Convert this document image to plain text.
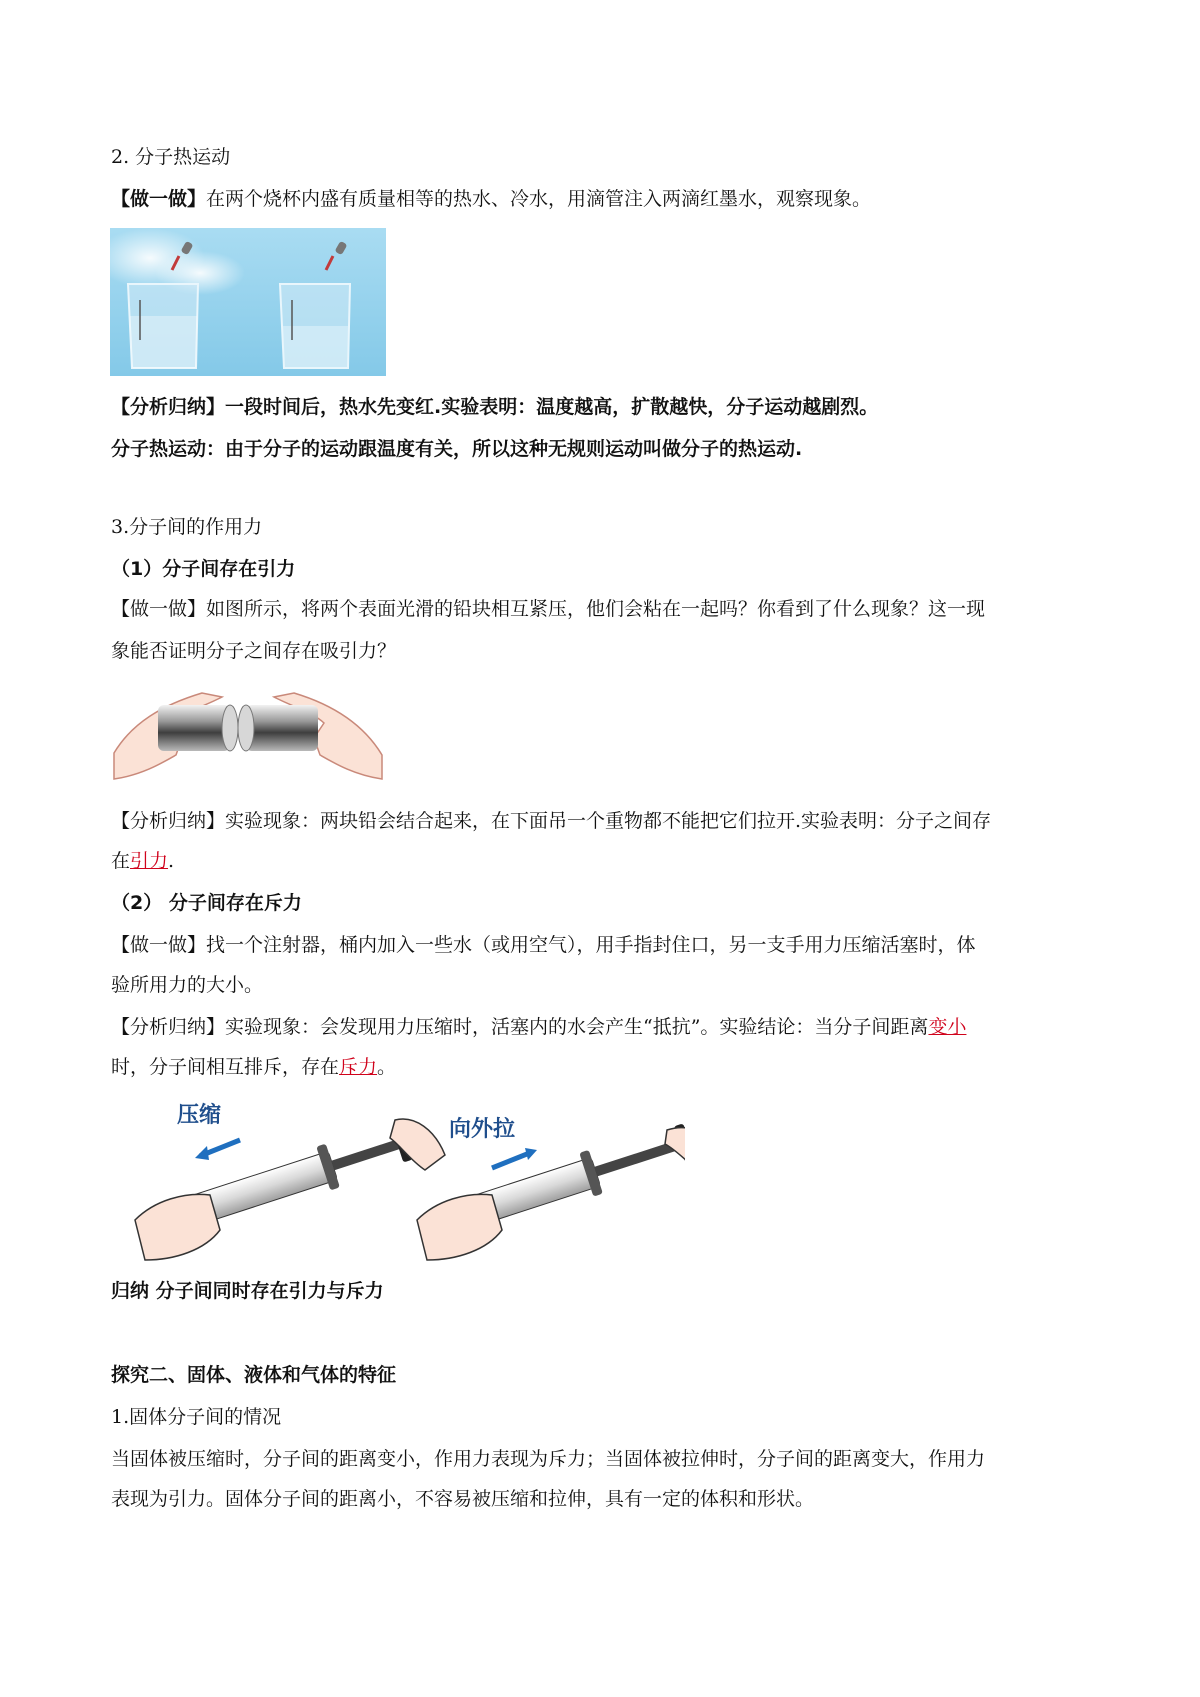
2. 分子热运动
【做一做】在两个烧杯内盛有质量相等的热水、冷水，用滴管注入两滴红墨水，观察现象。
【分析归纳】一段时间后，热水先变红.实验表明：温度越高，扩散越快，分子运动越剧烈。
分子热运动：由于分子的运动跟温度有关，所以这种无规则运动叫做分子的热运动.
3.分子间的作用力
（1）分子间存在引力
【做一做】如图所示，将两个表面光滑的铅块相互紧压，他们会粘在一起吗？你看到了什么现象？这一现
象能否证明分子之间存在吸引力？
【分析归纳】实验现象：两块铅会结合起来，在下面吊一个重物都不能把它们拉开.实验表明：分子之间存
在引力.
（2） 分子间存在斥力
【做一做】找一个注射器，桶内加入一些水（或用空气），用手指封住口，另一支手用力压缩活塞时，体
验所用力的大小。
【分析归纳】实验现象：会发现用力压缩时，活塞内的水会产生“抵抗”。实验结论：当分子间距离变小
时，分子间相互排斥，存在斥力。
压缩
向外拉
归纳 分子间同时存在引力与斥力
探究二、固体、液体和气体的特征
1.固体分子间的情况
当固体被压缩时，分子间的距离变小，作用力表现为斥力；当固体被拉伸时，分子间的距离变大，作用力
表现为引力。固体分子间的距离小，不容易被压缩和拉伸，具有一定的体积和形状。
